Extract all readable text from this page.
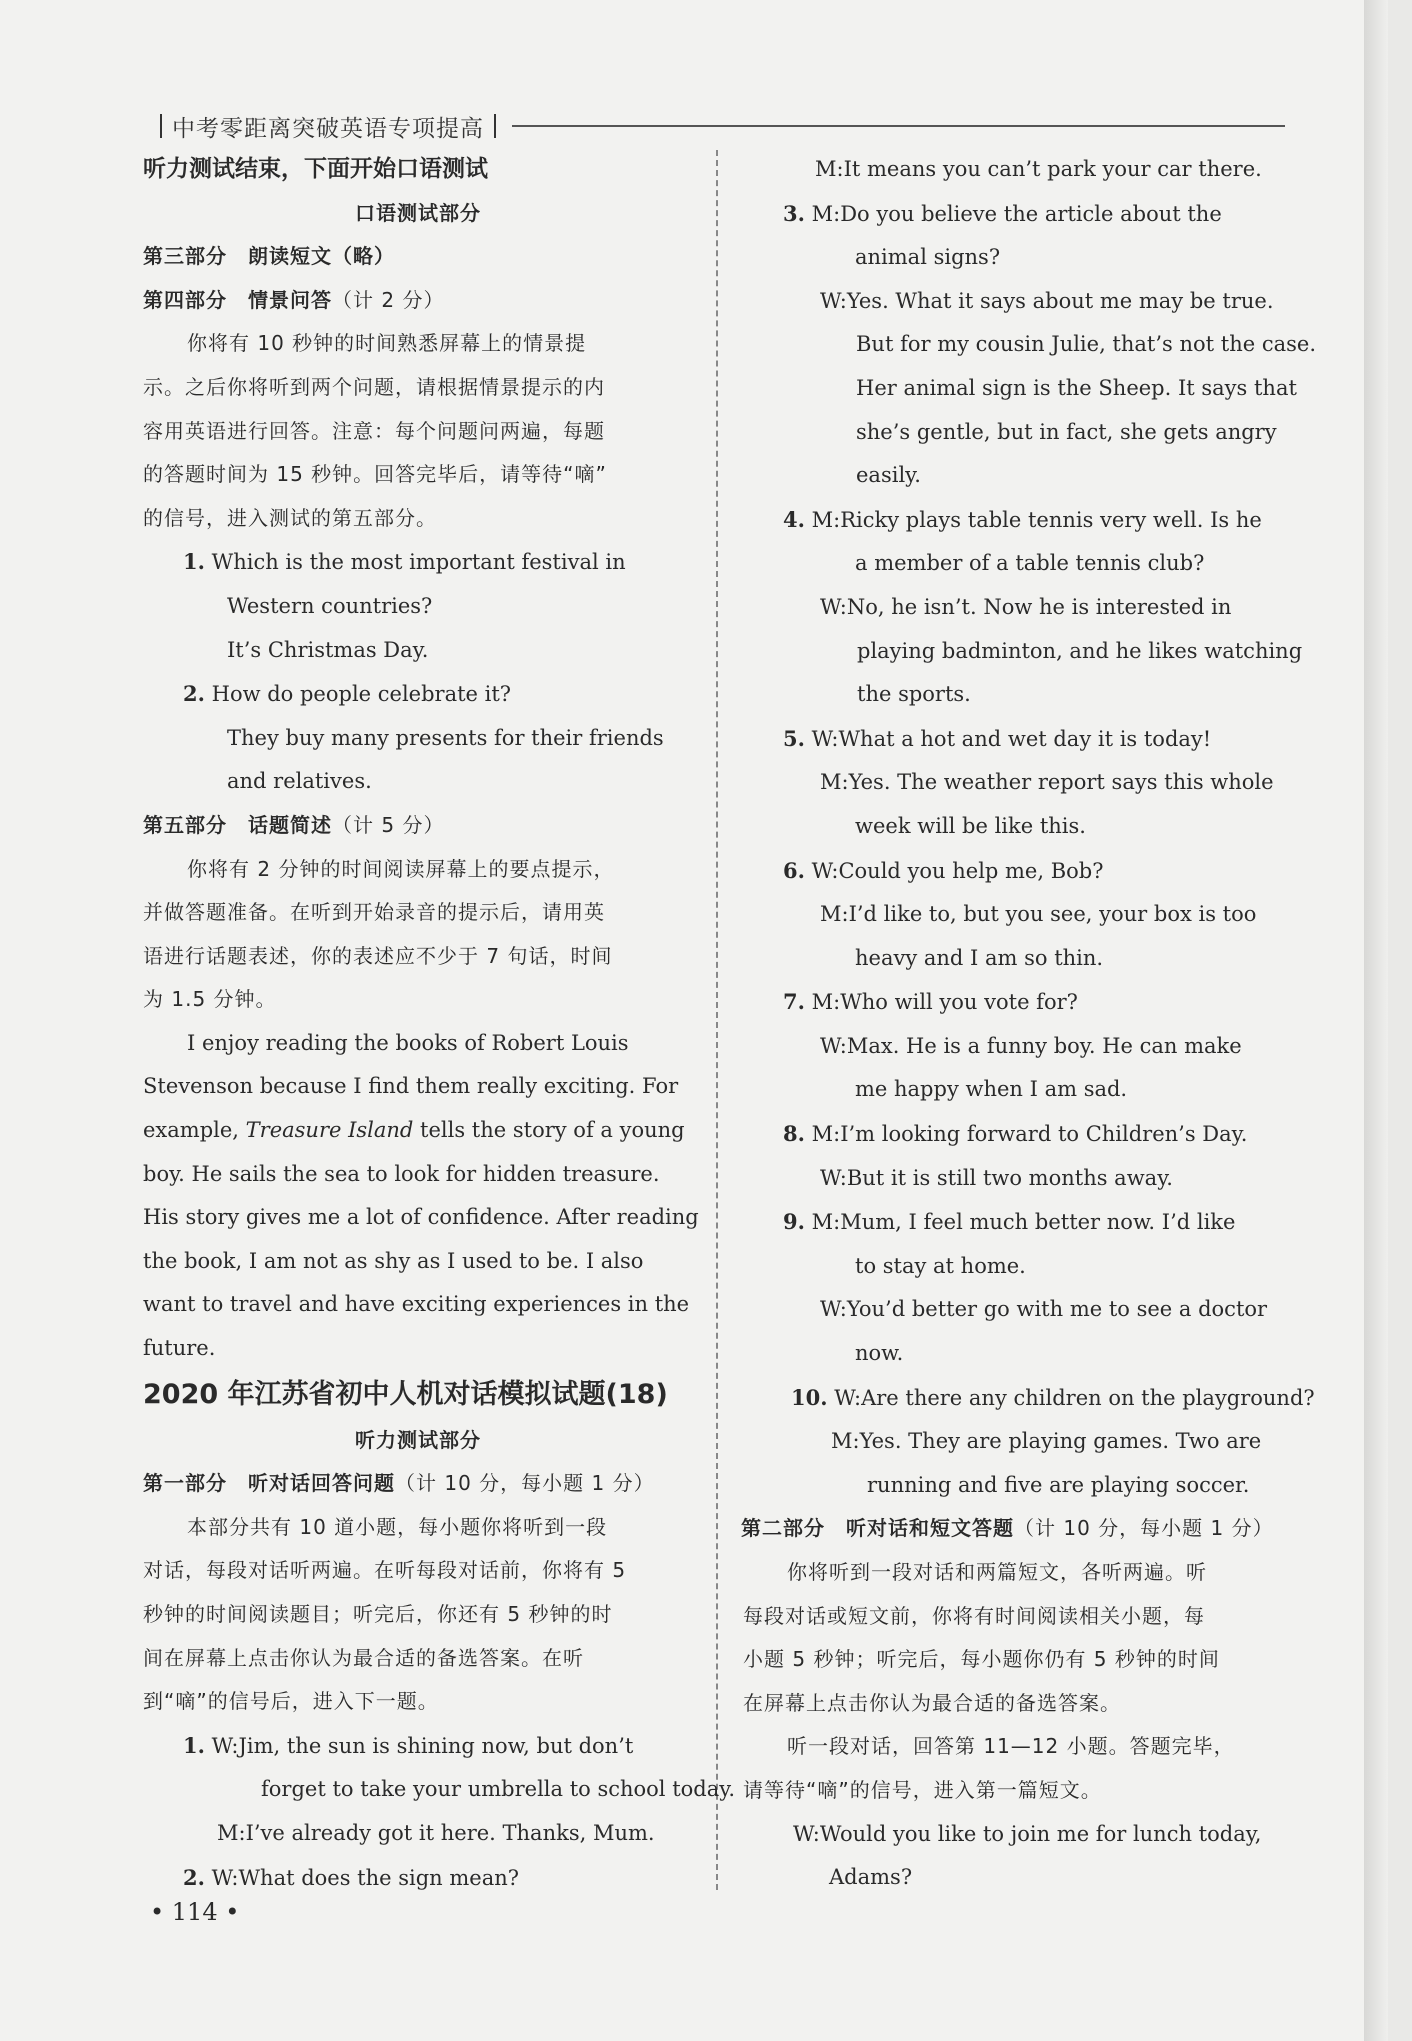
中考零距离突破英语专项提高
听力测试结束，下面开始口语测试
口语测试部分
第三部分　朗读短文（略）
第四部分　情景问答（计 2 分）
你将有 10 秒钟的时间熟悉屏幕上的情景提
示。之后你将听到两个问题，请根据情景提示的内
容用英语进行回答。注意：每个问题问两遍，每题
的答题时间为 15 秒钟。回答完毕后，请等待“嘀”
的信号，进入测试的第五部分。
1. Which is the most important festival in
Western countries?
It’s Christmas Day.
2. How do people celebrate it?
They buy many presents for their friends
and relatives.
第五部分　话题简述（计 5 分）
你将有 2 分钟的时间阅读屏幕上的要点提示，
并做答题准备。在听到开始录音的提示后，请用英
语进行话题表述，你的表述应不少于 7 句话，时间
为 1.5 分钟。
I enjoy reading the books of Robert Louis
Stevenson because I find them really exciting. For
example, Treasure Island tells the story of a young
boy. He sails the sea to look for hidden treasure.
His story gives me a lot of confidence. After reading
the book, I am not as shy as I used to be. I also
want to travel and have exciting experiences in the
future.
2020 年江苏省初中人机对话模拟试题(18)
听力测试部分
第一部分　听对话回答问题（计 10 分，每小题 1 分）
本部分共有 10 道小题，每小题你将听到一段
对话，每段对话听两遍。在听每段对话前，你将有 5
秒钟的时间阅读题目；听完后，你还有 5 秒钟的时
间在屏幕上点击你认为最合适的备选答案。在听
到“嘀”的信号后，进入下一题。
1. W:Jim, the sun is shining now, but don’t
forget to take your umbrella to school today.
M:I’ve already got it here. Thanks, Mum.
2. W:What does the sign mean?
M:It means you can’t park your car there.
3. M:Do you believe the article about the
animal signs?
W:Yes. What it says about me may be true.
But for my cousin Julie, that’s not the case.
Her animal sign is the Sheep. It says that
she’s gentle, but in fact, she gets angry
easily.
4. M:Ricky plays table tennis very well. Is he
a member of a table tennis club?
W:No, he isn’t. Now he is interested in
playing badminton, and he likes watching
the sports.
5. W:What a hot and wet day it is today!
M:Yes. The weather report says this whole
week will be like this.
6. W:Could you help me, Bob?
M:I’d like to, but you see, your box is too
heavy and I am so thin.
7. M:Who will you vote for?
W:Max. He is a funny boy. He can make
me happy when I am sad.
8. M:I’m looking forward to Children’s Day.
W:But it is still two months away.
9. M:Mum, I feel much better now. I’d like
to stay at home.
W:You’d better go with me to see a doctor
now.
10. W:Are there any children on the playground?
M:Yes. They are playing games. Two are
running and five are playing soccer.
第二部分　听对话和短文答题（计 10 分，每小题 1 分）
你将听到一段对话和两篇短文，各听两遍。听
每段对话或短文前，你将有时间阅读相关小题，每
小题 5 秒钟；听完后，每小题你仍有 5 秒钟的时间
在屏幕上点击你认为最合适的备选答案。
听一段对话，回答第 11—12 小题。答题完毕，
请等待“嘀”的信号，进入第一篇短文。
W:Would you like to join me for lunch today,
Adams?
• 114 •
